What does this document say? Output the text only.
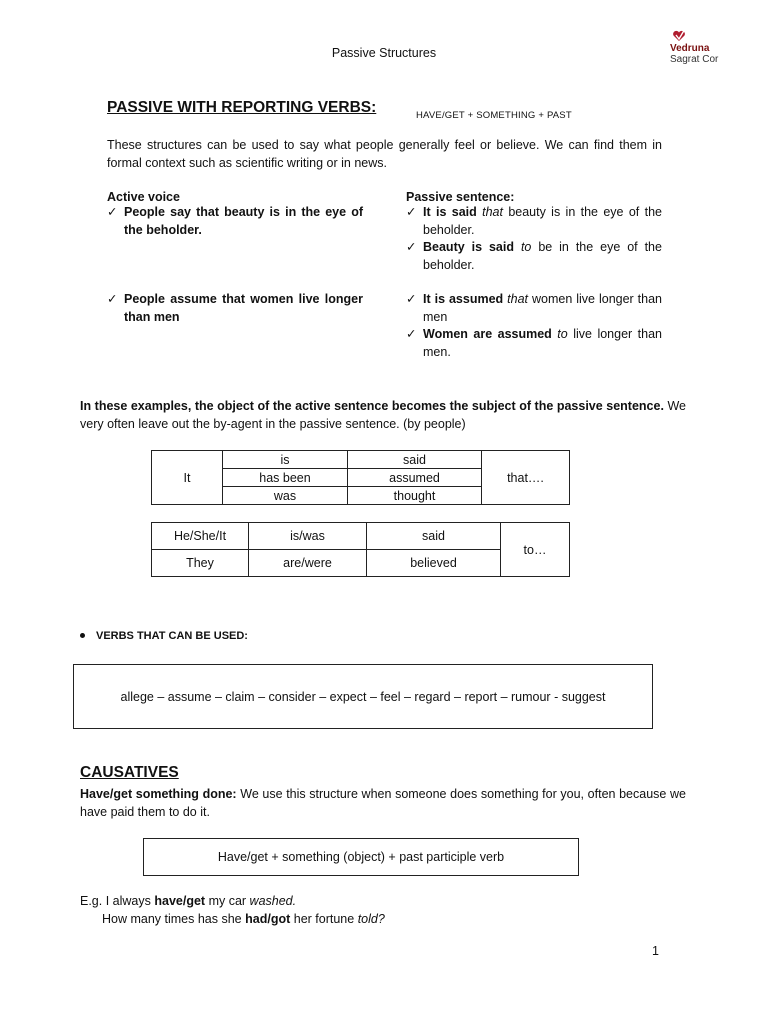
Passive Structures	Vedruna
Sagrat Cor
PASSIVE WITH REPORTING VERBS:	HAVE/GET + SOMETHING + PAST
These structures can be used to say what people generally feel or believe. We can find them in formal context such as scientific writing or in news.
Active voice
✓ People say that beauty is in the eye of the beholder.
✓ People assume that women live longer than men
Passive sentence:
✓ It is said that beauty is in the eye of the beholder.
✓ Beauty is said to be in the eye of the beholder.
✓ It is assumed that women live longer than men
✓ Women are assumed to live longer than men.
In these examples, the object of the active sentence becomes the subject of the passive sentence. We very often leave out the by-agent in the passive sentence. (by people)
It	is	said	that….
	has been	assumed	
	was	thought	
He/She/It	is/was	said	to…
They	are/were	believed	
VERBS THAT CAN BE USED:
allege – assume – claim – consider – expect – feel – regard – report – rumour - suggest
CAUSATIVES
Have/get something done: We use this structure when someone does something for you, often because we have paid them to do it.
Have/get + something (object) + past participle verb
E.g. I always have/get my car washed.
How many times has she had/got her fortune told?
1
